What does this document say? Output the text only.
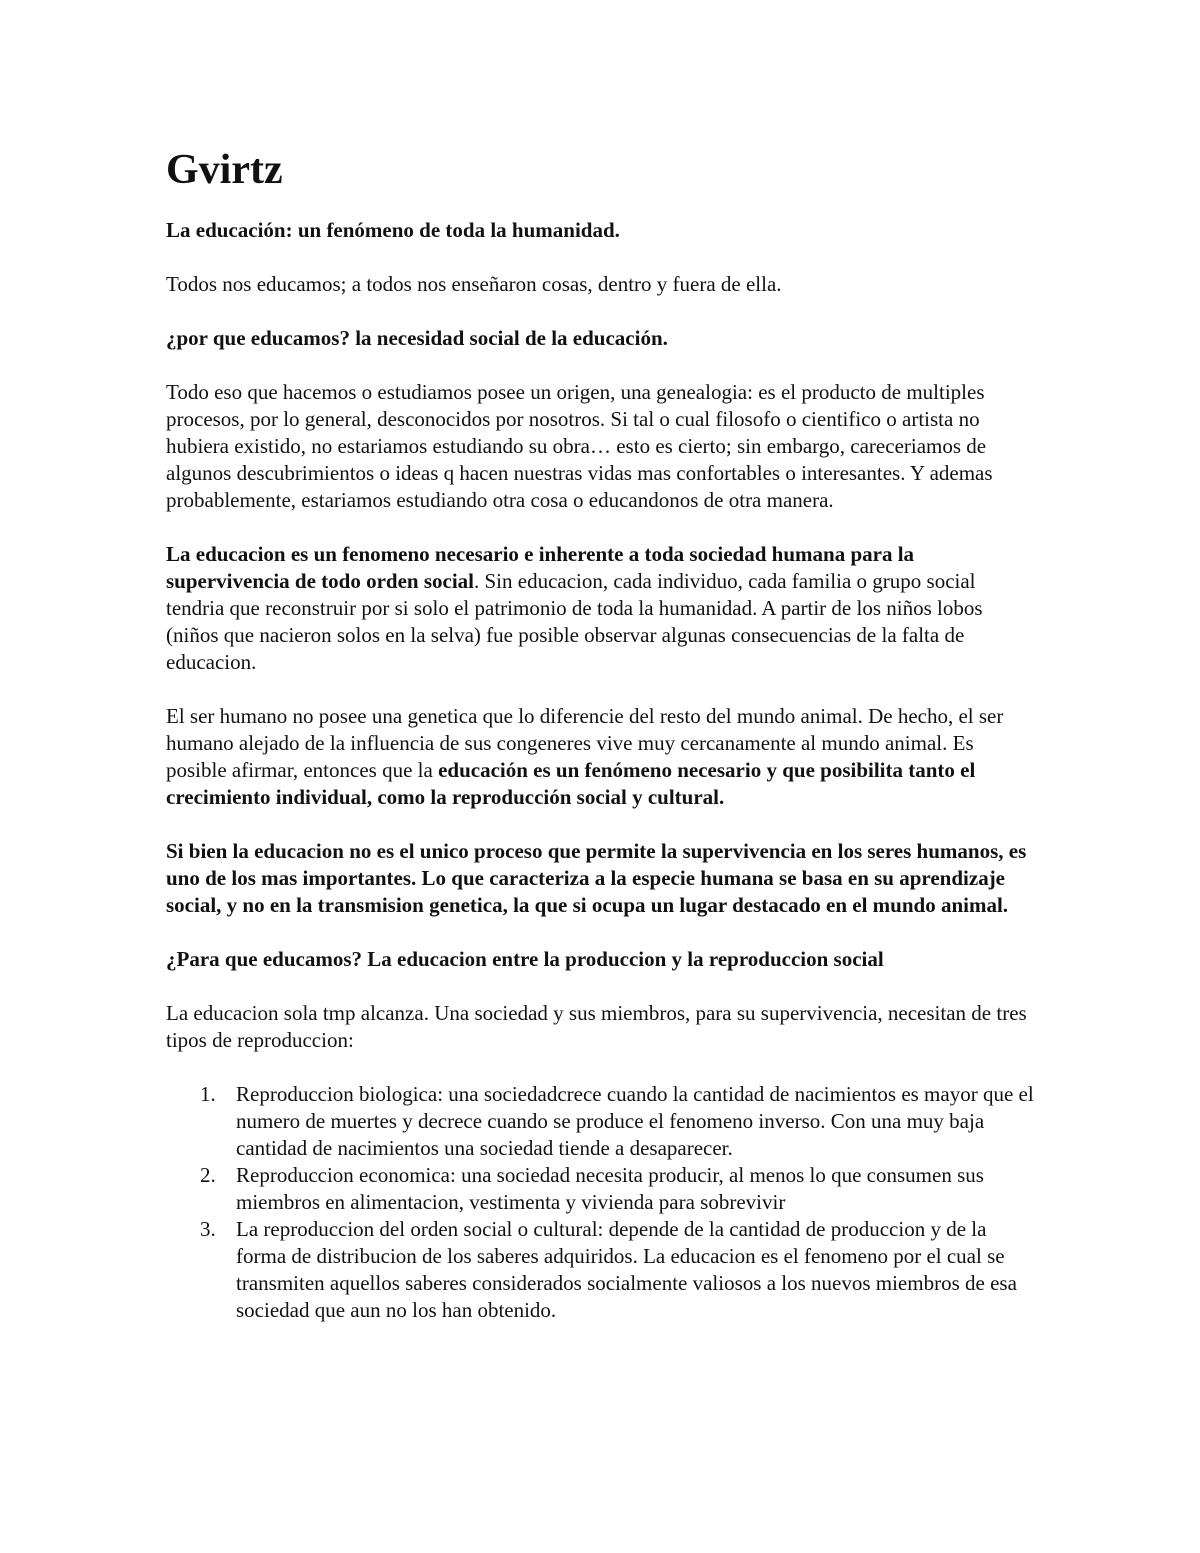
Gvirtz

La educación: un fenómeno de toda la humanidad.

Todos nos educamos; a todos nos enseñaron cosas, dentro y fuera de ella.

¿por que educamos? la necesidad social de la educación.

Todo eso que hacemos o estudiamos posee un origen, una genealogia: es el producto de multiples procesos, por lo general, desconocidos por nosotros. Si tal o cual filosofo o cientifico o artista no hubiera existido, no estariamos estudiando su obra… esto es cierto; sin embargo, careceriamos de algunos descubrimientos o ideas q hacen nuestras vidas mas confortables o interesantes. Y ademas probablemente, estariamos estudiando otra cosa o educandonos de otra manera.

La educacion es un fenomeno necesario e inherente a toda sociedad humana para la supervivencia de todo orden social. Sin educacion, cada individuo, cada familia o grupo social tendria que reconstruir por si solo el patrimonio de toda la humanidad. A partir de los niños lobos (niños que nacieron solos en la selva) fue posible observar algunas consecuencias de la falta de educacion.

El ser humano no posee una genetica que lo diferencie del resto del mundo animal. De hecho, el ser humano alejado de la influencia de sus congeneres vive muy cercanamente al mundo animal. Es posible afirmar, entonces que la educación es un fenómeno necesario y que posibilita tanto el crecimiento individual, como la reproducción social y cultural.

Si bien la educacion no es el unico proceso que permite la supervivencia en los seres humanos, es uno de los mas importantes. Lo que caracteriza a la especie humana se basa en su aprendizaje social, y no en la transmision genetica, la que si ocupa un lugar destacado en el mundo animal.

¿Para que educamos? La educacion entre la produccion y la reproduccion social

La educacion sola tmp alcanza. Una sociedad y sus miembros, para su supervivencia, necesitan de tres tipos de reproduccion:

1. Reproduccion biologica: una sociedadcrece cuando la cantidad de nacimientos es mayor que el numero de muertes y decrece cuando se produce el fenomeno inverso. Con una muy baja cantidad de nacimientos una sociedad tiende a desaparecer.
2. Reproduccion economica: una sociedad necesita producir, al menos lo que consumen sus miembros en alimentacion, vestimenta y vivienda para sobrevivir
3. La reproduccion del orden social o cultural: depende de la cantidad de produccion y de la forma de distribucion de los saberes adquiridos. La educacion es el fenomeno por el cual se transmiten aquellos saberes considerados socialmente valiosos a los nuevos miembros de esa sociedad que aun no los han obtenido.
